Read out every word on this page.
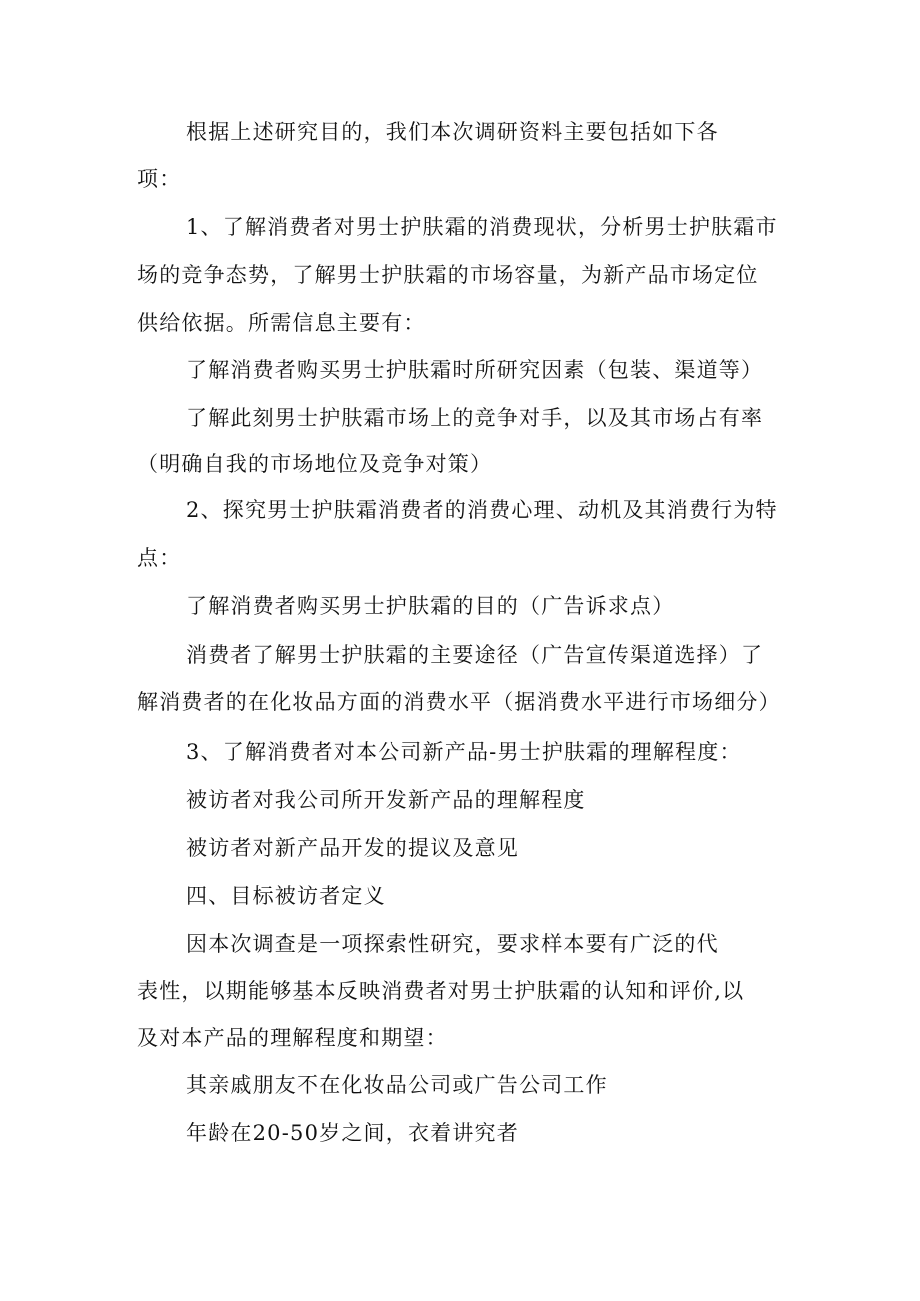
根据上述研究目的，我们本次调研资料主要包括如下各
项：
1、了解消费者对男士护肤霜的消费现状，分析男士护肤霜市
场的竞争态势，了解男士护肤霜的市场容量，为新产品市场定位
供给依据。所需信息主要有：
了解消费者购买男士护肤霜时所研究因素（包装、渠道等）
了解此刻男士护肤霜市场上的竞争对手，以及其市场占有率
（明确自我的市场地位及竞争对策）
2、探究男士护肤霜消费者的消费心理、动机及其消费行为特
点：
了解消费者购买男士护肤霜的目的（广告诉求点）
消费者了解男士护肤霜的主要途径（广告宣传渠道选择）了
解消费者的在化妆品方面的消费水平（据消费水平进行市场细分）
3、了解消费者对本公司新产品-男士护肤霜的理解程度：
被访者对我公司所开发新产品的理解程度
被访者对新产品开发的提议及意见
四、目标被访者定义
因本次调查是一项探索性研究，要求样本要有广泛的代
表性，以期能够基本反映消费者对男士护肤霜的认知和评价,以
及对本产品的理解程度和期望：
其亲戚朋友不在化妆品公司或广告公司工作
年龄在20-50岁之间，衣着讲究者
